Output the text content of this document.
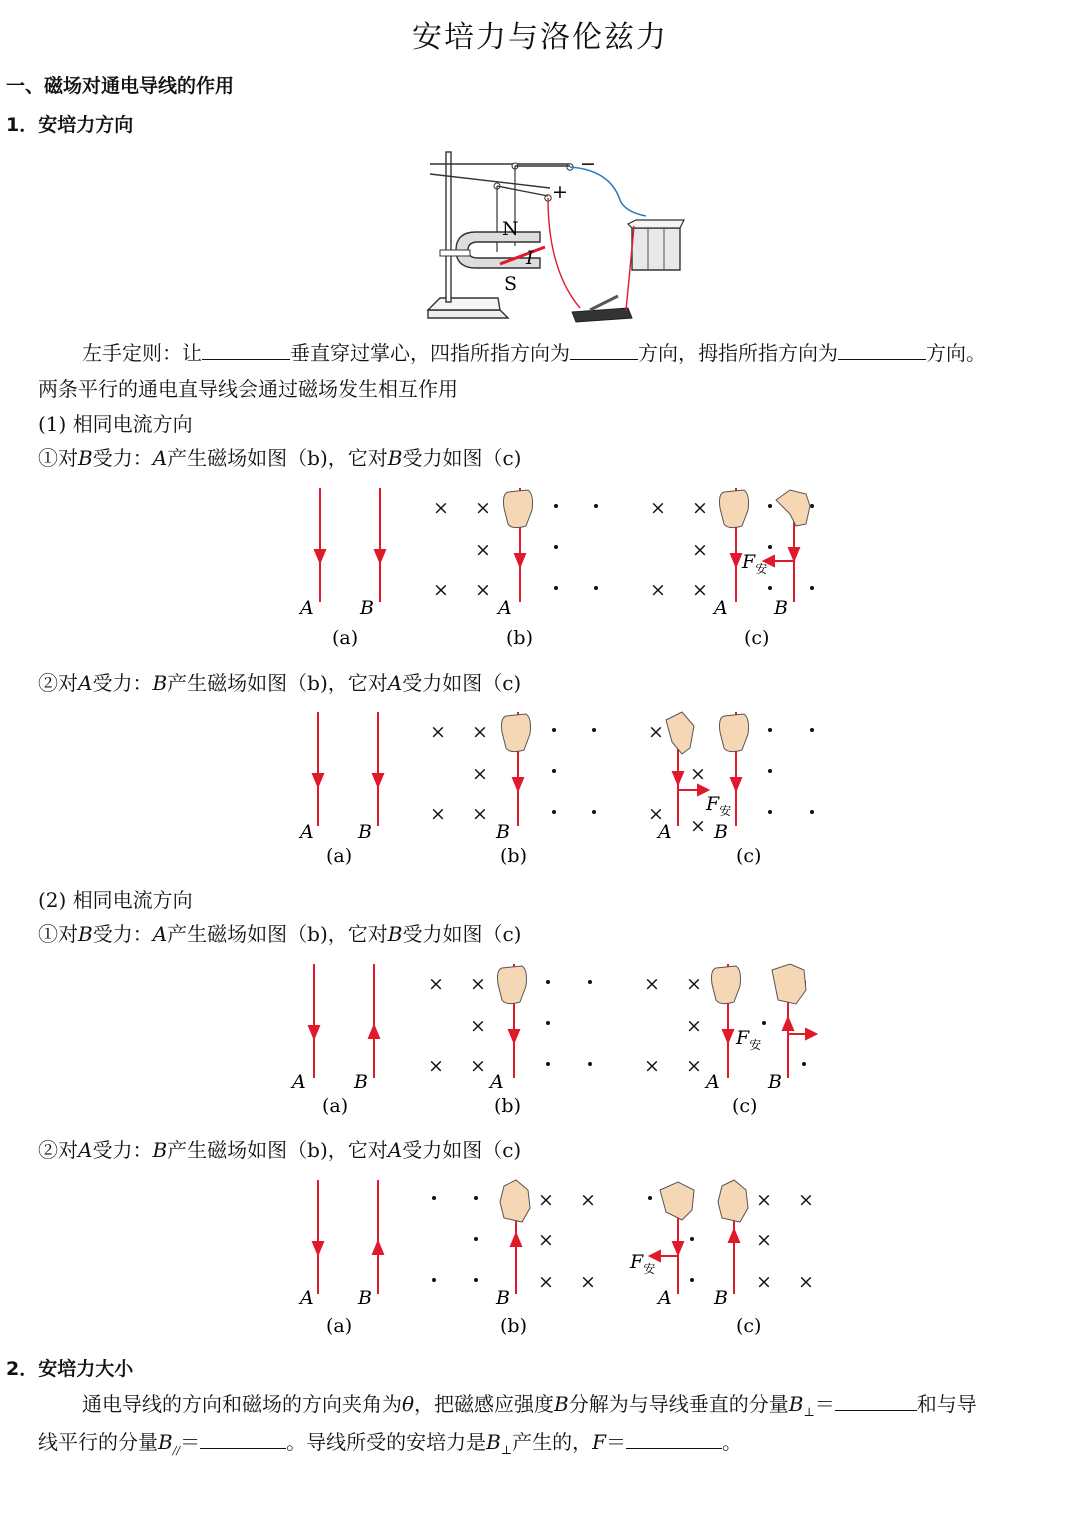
安培力与洛伦兹力
一、磁场对通电导线的作用
1．安培力方向
N
S
I
+
−
左手定则：让	垂直穿过掌心，四指所指方向为	方向，拇指所指方向为	方向。
两条平行的通电直导线会通过磁场发生相互作用
(1) 相同电流方向
①对B受力：A产生磁场如图（b)，它对B受力如图（c)
A B
(a)
× ×
×
× ×
A
(b)
× ×
×
× ×
$F_安$
A B
(c)
②对A受力：B产生磁场如图（b)，它对A受力如图（c)
A B
(a)
× ×
×
× ×
B
(b)
×
×
×
×
$F_安$
A B
(c)
(2) 相同电流方向
①对B受力：A产生磁场如图（b)，它对B受力如图（c)
A	B
(a)
× ×
×
× ×
A
(b)
× ×
×
× ×
$F_安$
A	B
(c)
②对A受力：B产生磁场如图（b)，它对A受力如图（c)
A B
(a)
× ×
×
× ×
B
(b)
× ×
×
× ×
$F_安$
A B
(c)
2．安培力大小
通电导线的方向和磁场的方向夹角为θ，把磁感应强度B分解为与导线垂直的分量$B_\perp=$	和与导
线平行的分量$B_{//}=$	。导线所受的安培力是$B_\perp$产生的，F＝	。
